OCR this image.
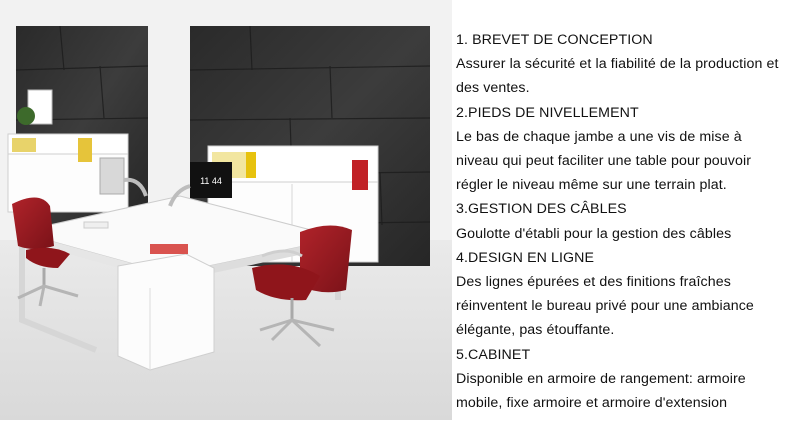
11 44
1. BREVET DE CONCEPTION
Assurer la sécurité et la fiabilité de la production et
des ventes.
2.PIEDS DE NIVELLEMENT
Le bas de chaque jambe a une vis de mise à
niveau qui peut faciliter une table pour pouvoir
régler le niveau même sur une terrain plat.
3.GESTION DES CÂBLES
Goulotte d'établi pour la gestion des câbles
4.DESIGN EN LIGNE
Des lignes épurées et des finitions fraîches
réinventent le bureau privé pour une ambiance
élégante, pas étouffante.
5.CABINET
Disponible en armoire de rangement: armoire
mobile, fixe armoire et armoire d'extension
